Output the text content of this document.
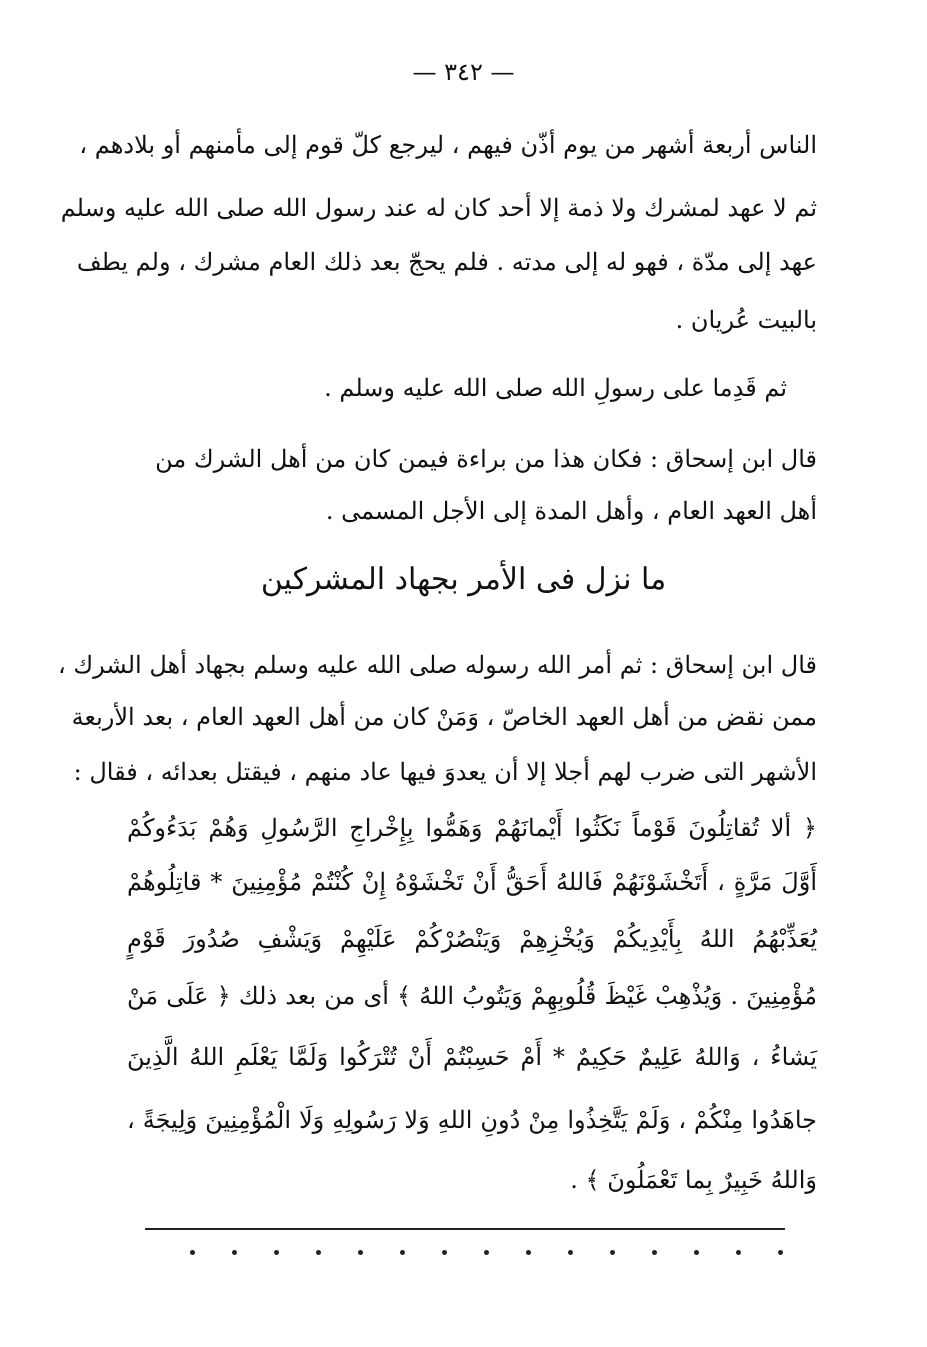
— ٣٤٢ —
الناس أربعة أشهر من يوم أذّن فيهم ، ليرجع كلّ قوم إلى مأمنهم أو بلادهم ،
ثم لا عهد لمشرك ولا ذمة إلا أحد كان له عند رسول الله صلى الله عليه وسلم
عهد إلى مدّة ، فهو له إلى مدته . فلم يحجّ بعد ذلك العام مشرك ، ولم يطف
بالبيت عُريان .
ثم قَدِما على رسولِ الله صلى الله عليه وسلم .
قال ابن إسحاق : فكان هذا من براءة فيمن كان من أهل الشرك من
أهل العهد العام ، وأهل المدة إلى الأجل المسمى .
ما نزل فى الأمر بجهاد المشركين
قال ابن إسحاق : ثم أمر الله رسوله صلى الله عليه وسلم بجهاد أهل الشرك ،
ممن نقض من أهل العهد الخاصّ ، وَمَنْ كان من أهل العهد العام ، بعد الأربعة
الأشهر التى ضرب لهم أجلا إلا أن يعدوَ فيها عاد منهم ، فيقتل بعدائه ، فقال :
﴿ ألا تُقاتِلُونَ قَوْماً نَكَثُوا أَيْمانَهُمْ وَهَمُّوا بِإِخْراجِ الرَّسُولِ وَهُمْ بَدَءُوكُمْ
أَوَّلَ مَرَّةٍ ، أَتَخْشَوْنَهُمْ فَاللهُ أَحَقُّ أَنْ تَخْشَوْهُ إِنْ كُنْتُمْ مُؤْمِنِينَ * قاتِلُوهُمْ
يُعَذِّبْهُمُ اللهُ بِأَيْدِيكُمْ وَيُخْزِهِمْ وَيَنْصُرْكُمْ عَلَيْهِمْ وَيَشْفِ صُدُورَ قَوْمٍ
مُؤْمِنِينَ . وَيُذْهِبْ غَيْظَ قُلُوبِهِمْ وَيَتُوبُ اللهُ ﴾ أى من بعد ذلك ﴿ عَلَى مَنْ
يَشاءُ ، وَاللهُ عَلِيمٌ حَكِيمٌ * أَمْ حَسِبْتُمْ أَنْ تُتْرَكُوا وَلَمَّا يَعْلَمِ اللهُ الَّذِينَ
جاهَدُوا مِنْكُمْ ، وَلَمْ يَتَّخِذُوا مِنْ دُونِ اللهِ وَلا رَسُولِهِ وَلَا الْمُؤْمِنِينَ وَلِيجَةً ،
وَاللهُ خَبِيرٌ بِما تَعْمَلُونَ ﴾ .
